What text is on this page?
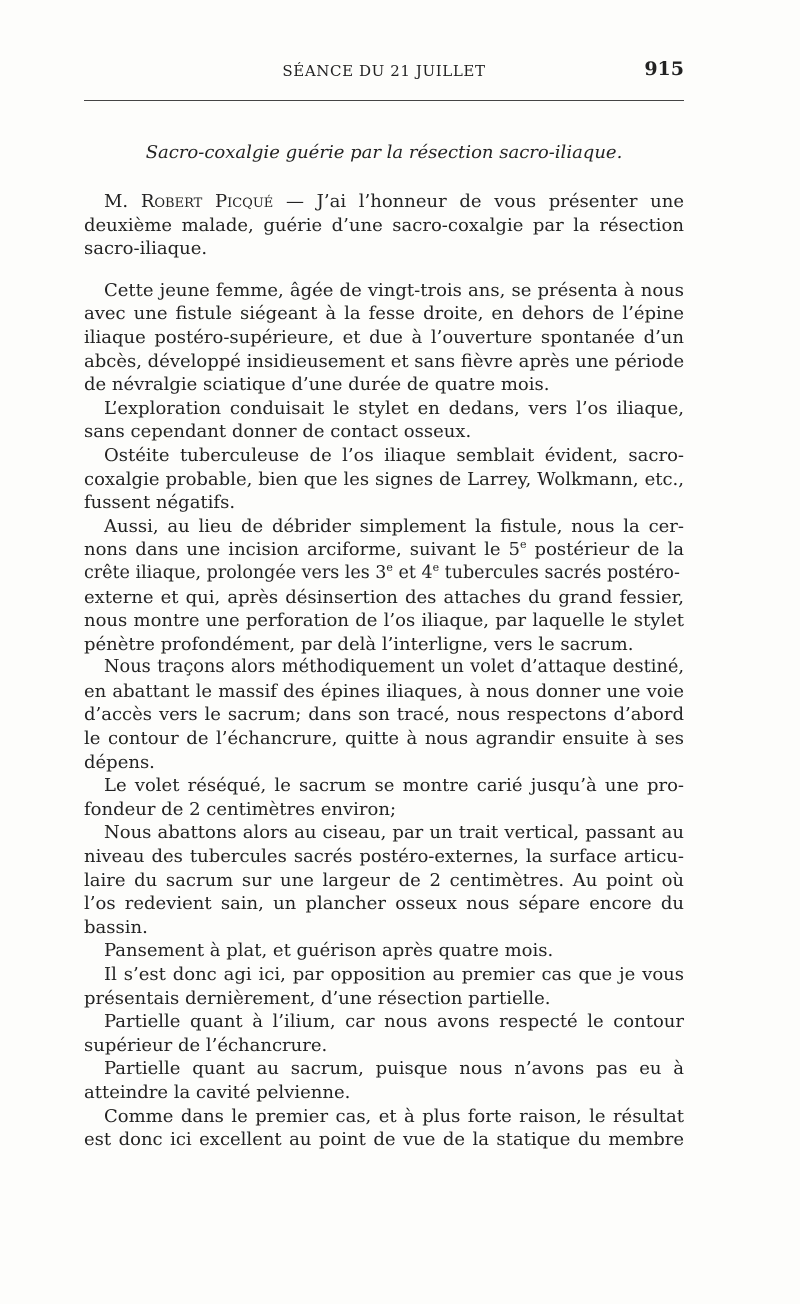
SÉANCE DU 21 JUILLET	915
Sacro-coxalgie guérie par la résection sacro-iliaque.
M. Robert Picqué — J’ai l’honneur de vous présenter une
deuxième malade, guérie d’une sacro-coxalgie par la résection
sacro-iliaque.
Cette jeune femme, âgée de vingt-trois ans, se présenta à nous
avec une fistule siégeant à la fesse droite, en dehors de l’épine
iliaque postéro-supérieure, et due à l’ouverture spontanée d’un
abcès, développé insidieusement et sans fièvre après une période
de névralgie sciatique d’une durée de quatre mois.
L’exploration conduisait le stylet en dedans, vers l’os iliaque,
sans cependant donner de contact osseux.
Ostéite tuberculeuse de l’os iliaque semblait évident, sacro-
coxalgie probable, bien que les signes de Larrey, Wolkmann, etc.,
fussent négatifs.
Aussi, au lieu de débrider simplement la fistule, nous la cer-
nons dans une incision arciforme, suivant le 5e postérieur de la
crête iliaque, prolongée vers les 3e et 4e tubercules sacrés postéro-
externe et qui, après désinsertion des attaches du grand fessier,
nous montre une perforation de l’os iliaque, par laquelle le stylet
pénètre profondément, par delà l’interligne, vers le sacrum.
Nous traçons alors méthodiquement un volet d’attaque destiné,
en abattant le massif des épines iliaques, à nous donner une voie
d’accès vers le sacrum; dans son tracé, nous respectons d’abord
le contour de l’échancrure, quitte à nous agrandir ensuite à ses
dépens.
Le volet réséqué, le sacrum se montre carié jusqu’à une pro-
fondeur de 2 centimètres environ;
Nous abattons alors au ciseau, par un trait vertical, passant au
niveau des tubercules sacrés postéro-externes, la surface articu-
laire du sacrum sur une largeur de 2 centimètres. Au point où
l’os redevient sain, un plancher osseux nous sépare encore du
bassin.
Pansement à plat, et guérison après quatre mois.
Il s’est donc agi ici, par opposition au premier cas que je vous
présentais dernièrement, d’une résection partielle.
Partielle quant à l’ilium, car nous avons respecté le contour
supérieur de l’échancrure.
Partielle quant au sacrum, puisque nous n’avons pas eu à
atteindre la cavité pelvienne.
Comme dans le premier cas, et à plus forte raison, le résultat
est donc ici excellent au point de vue de la statique du membre
